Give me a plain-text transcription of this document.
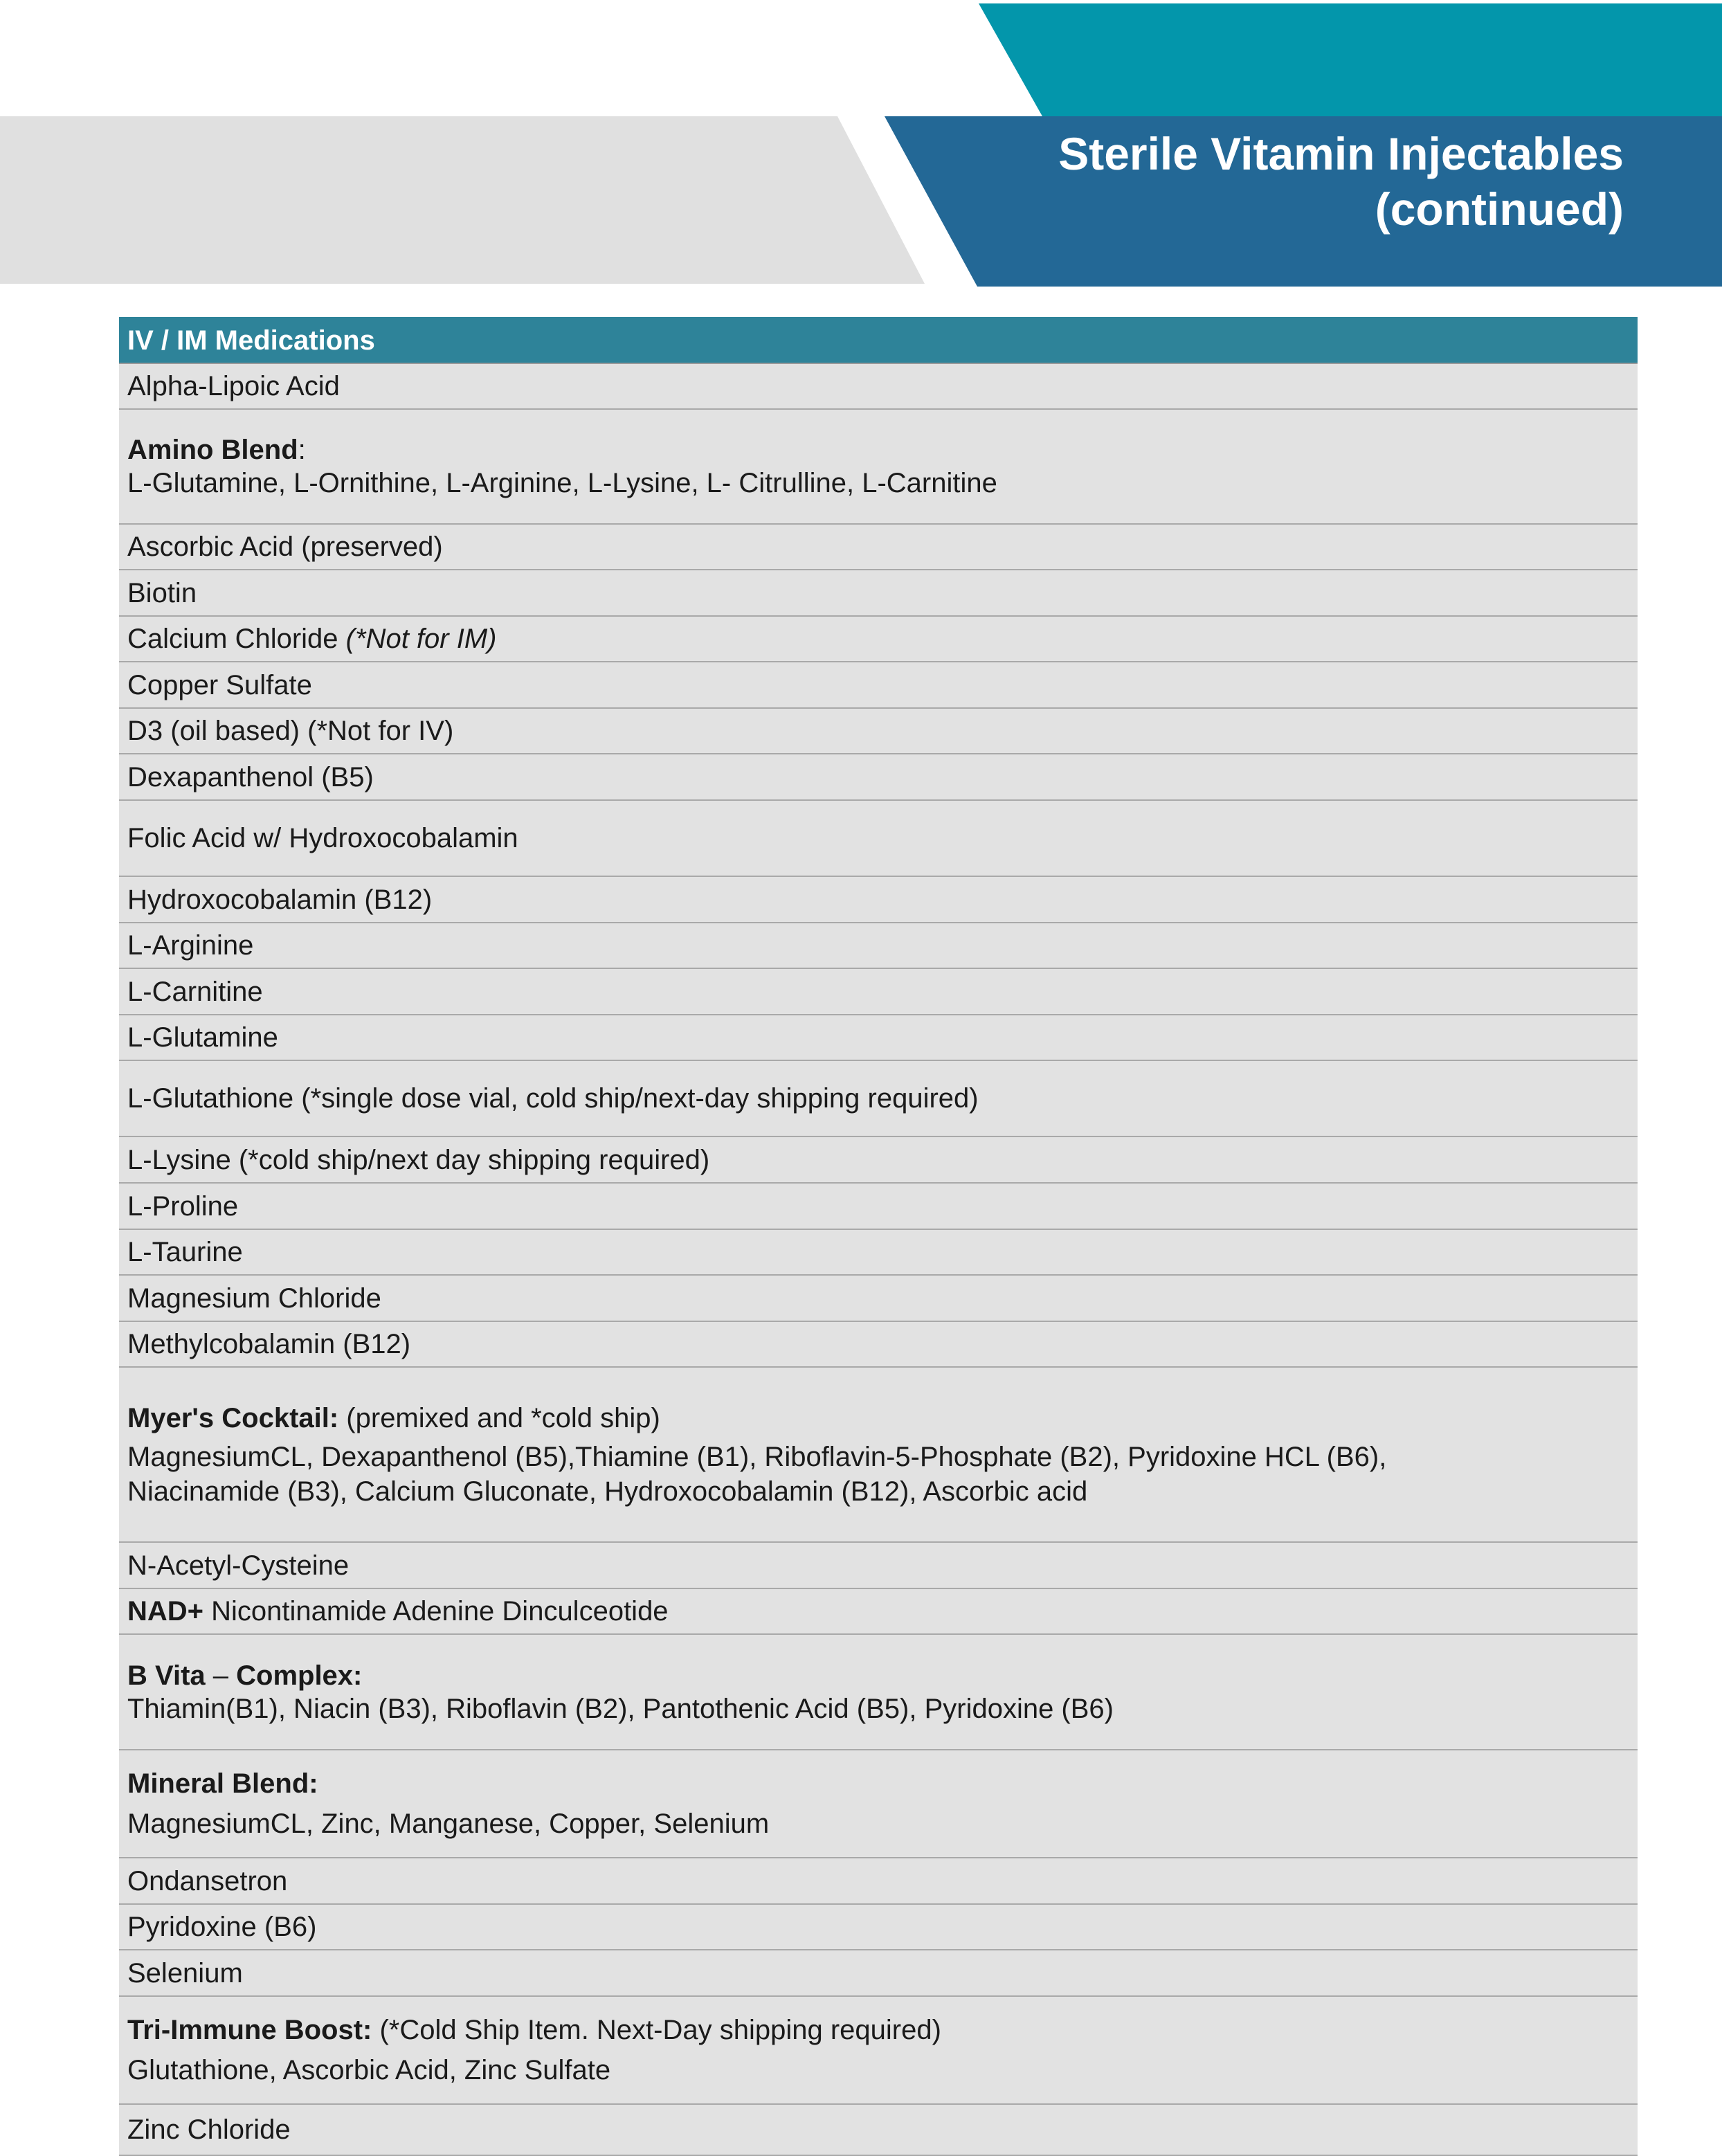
Sterile Vitamin Injectables
(continued)
IV / IM Medications
Alpha-Lipoic Acid
Amino Blend:
L-Glutamine, L-Ornithine, L-Arginine, L-Lysine, L- Citrulline, L-Carnitine
Ascorbic Acid (preserved)
Biotin
Calcium Chloride (*Not for IM)
Copper Sulfate
D3 (oil based) (*Not for IV)
Dexapanthenol (B5)
Folic Acid w/ Hydroxocobalamin
Hydroxocobalamin (B12)
L-Arginine
L-Carnitine
L-Glutamine
L-Glutathione (*single dose vial, cold ship/next-day shipping required)
L-Lysine (*cold ship/next day shipping required)
L-Proline
L-Taurine
Magnesium Chloride
Methylcobalamin (B12)
Myer's Cocktail: (premixed and *cold ship)
MagnesiumCL, Dexapanthenol (B5),Thiamine (B1), Riboflavin-5-Phosphate (B2), Pyridoxine HCL (B6),
Niacinamide (B3), Calcium Gluconate, Hydroxocobalamin (B12), Ascorbic acid
N-Acetyl-Cysteine
NAD+ Nicontinamide Adenine Dinculceotide
B Vita – Complex:
Thiamin(B1), Niacin (B3), Riboflavin (B2), Pantothenic Acid (B5), Pyridoxine (B6)
Mineral Blend:
MagnesiumCL, Zinc, Manganese, Copper, Selenium
Ondansetron
Pyridoxine (B6)
Selenium
Tri-Immune Boost: (*Cold Ship Item. Next-Day shipping required)
Glutathione, Ascorbic Acid, Zinc Sulfate
Zinc Chloride
